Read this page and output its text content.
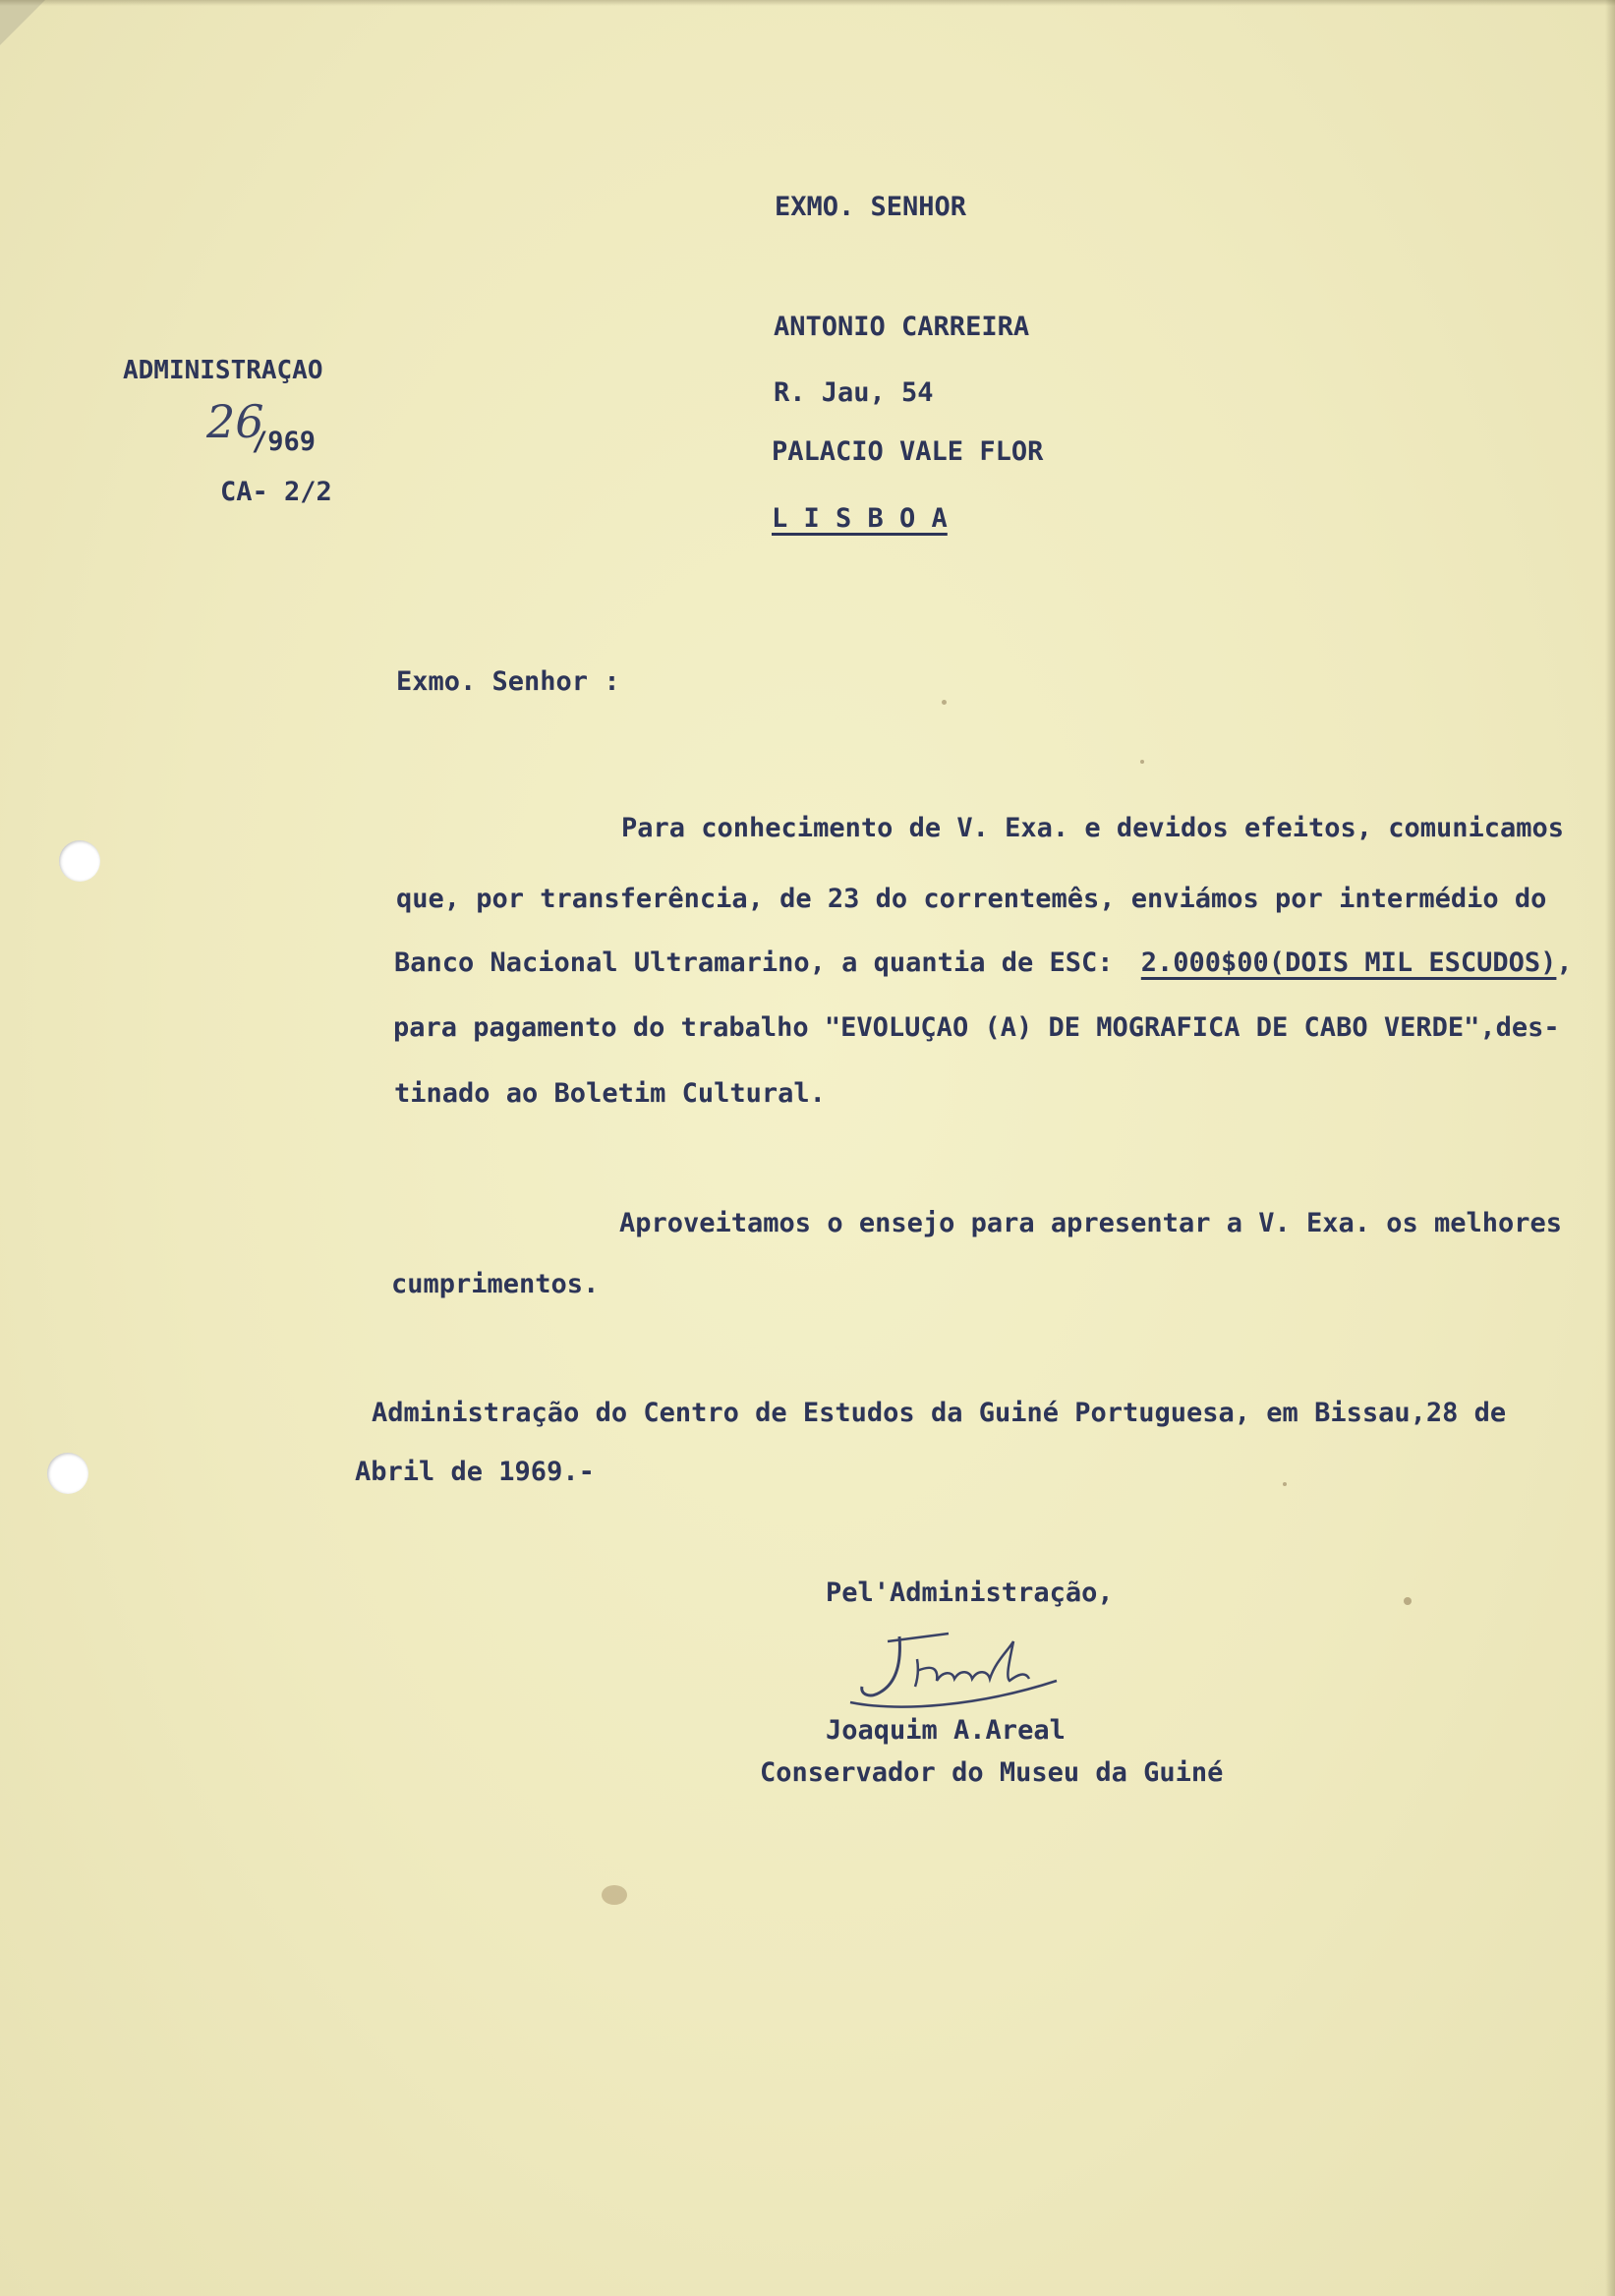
EXMO. SENHOR
ANTONIO CARREIRA
R. Jau, 54
PALACIO VALE FLOR
L I S B O A
ADMINISTRAÇAO
26
/969
CA- 2/2
Exmo. Senhor :
Para conhecimento de V. Exa. e devidos efeitos, comunicamos
que, por transferência, de 23 do correntemês, enviámos por intermédio do
Banco Nacional Ultramarino, a quantia de ESC: 2.000$00(DOIS MIL ESCUDOS),
para pagamento do trabalho "EVOLUÇAO (A) DE MOGRAFICA DE CABO VERDE",des-
tinado ao Boletim Cultural.
Aproveitamos o ensejo para apresentar a V. Exa. os melhores
cumprimentos.
Administração do Centro de Estudos da Guiné Portuguesa, em Bissau,28 de
Abril de 1969.-
Pel'Administração,
Joaquim A.Areal
Conservador do Museu da Guiné
